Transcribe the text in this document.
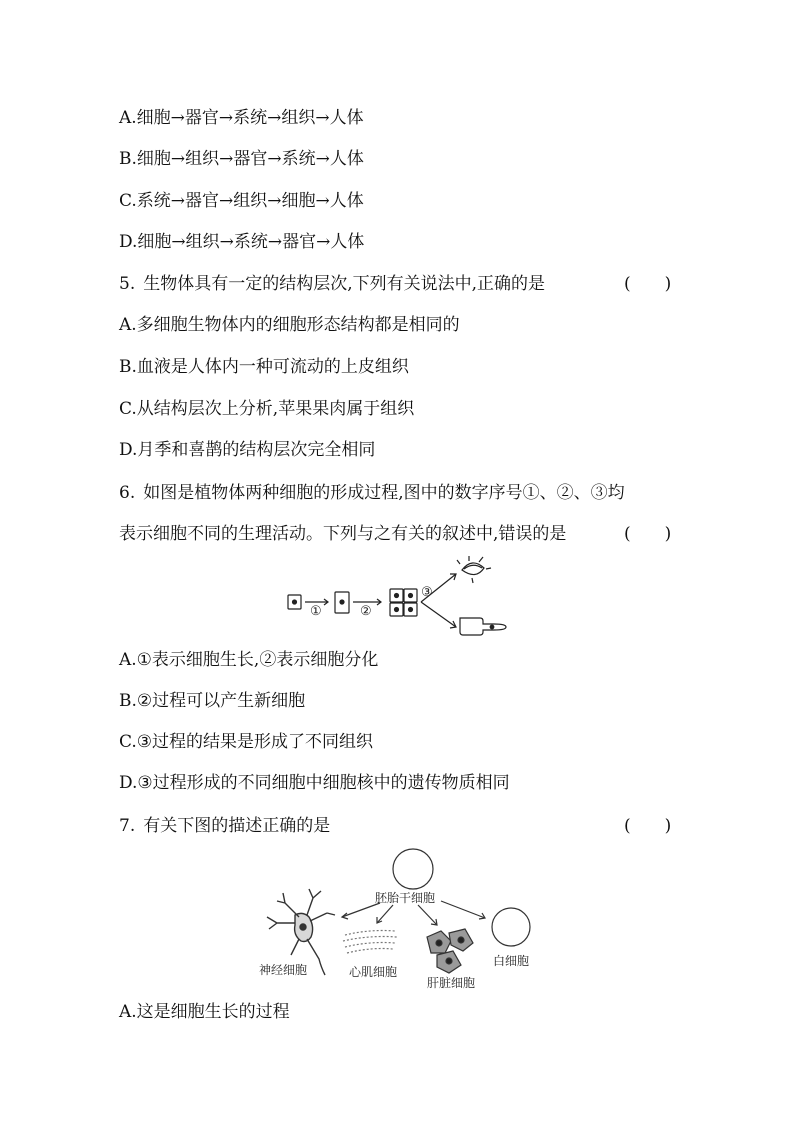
A.细胞→器官→系统→组织→人体
B.细胞→组织→器官→系统→人体
C.系统→器官→组织→细胞→人体
D.细胞→组织→系统→器官→人体
5. 生物体具有一定的结构层次,下列有关说法中,正确的是	( )
A.多细胞生物体内的细胞形态结构都是相同的
B.血液是人体内一种可流动的上皮组织
C.从结构层次上分析,苹果果肉属于组织
D.月季和喜鹊的结构层次完全相同
6. 如图是植物体两种细胞的形成过程,图中的数字序号①、②、③均
表示细胞不同的生理活动。下列与之有关的叙述中,错误的是	( )
①	②
③
A.①表示细胞生长,②表示细胞分化
B.②过程可以产生新细胞
C.③过程的结果是形成了不同组织
D.③过程形成的不同细胞中细胞核中的遗传物质相同
7. 有关下图的描述正确的是	( )
胚胎干细胞
神经细胞	心肌细胞
肝脏细胞
白细胞
A.这是细胞生长的过程
